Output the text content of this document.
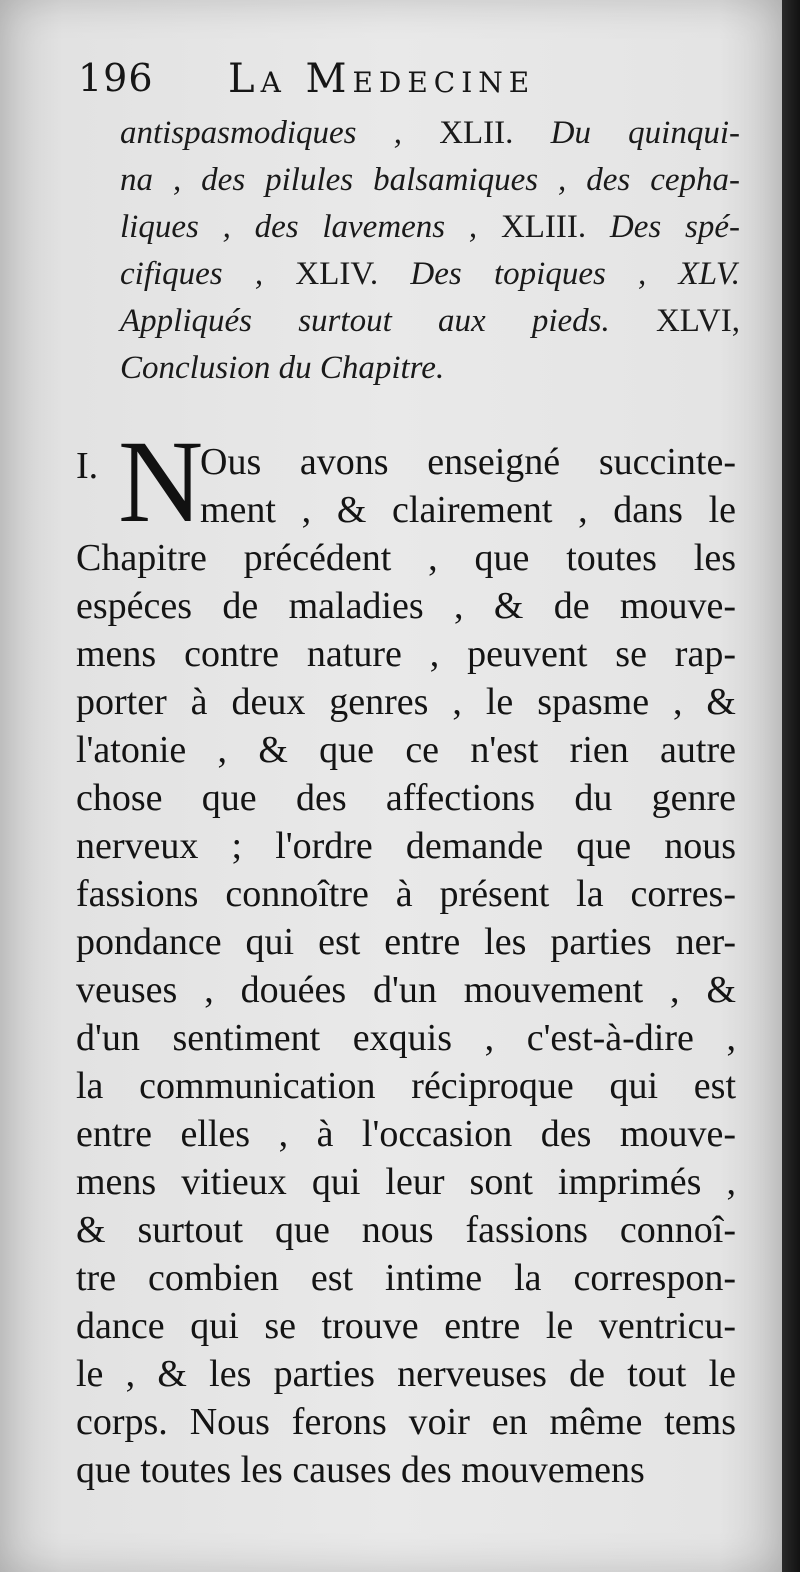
196 La Medecine
antispasmodiques , XLII. Du quinqui-
na , des pilules balsamiques , des cepha-
liques , des lavemens , XLIII. Des spé-
cifiques , XLIV. Des topiques , XLV.
Appliqués surtout aux pieds. XLVI,
Conclusion du Chapitre.
I. N
Ous avons enseigné succinte-
ment , & clairement , dans le
Chapitre précédent , que toutes les
espéces de maladies , & de mouve-
mens contre nature , peuvent se rap-
porter à deux genres , le spasme , &
l'atonie , & que ce n'est rien autre
chose que des affections du genre
nerveux ; l'ordre demande que nous
fassions connoître à présent la corres-
pondance qui est entre les parties ner-
veuses , douées d'un mouvement , &
d'un sentiment exquis , c'est-à-dire ,
la communication réciproque qui est
entre elles , à l'occasion des mouve-
mens vitieux qui leur sont imprimés ,
& surtout que nous fassions connoî-
tre combien est intime la correspon-
dance qui se trouve entre le ventricu-
le , & les parties nerveuses de tout le
corps. Nous ferons voir en même tems
que toutes les causes des mouvemens
